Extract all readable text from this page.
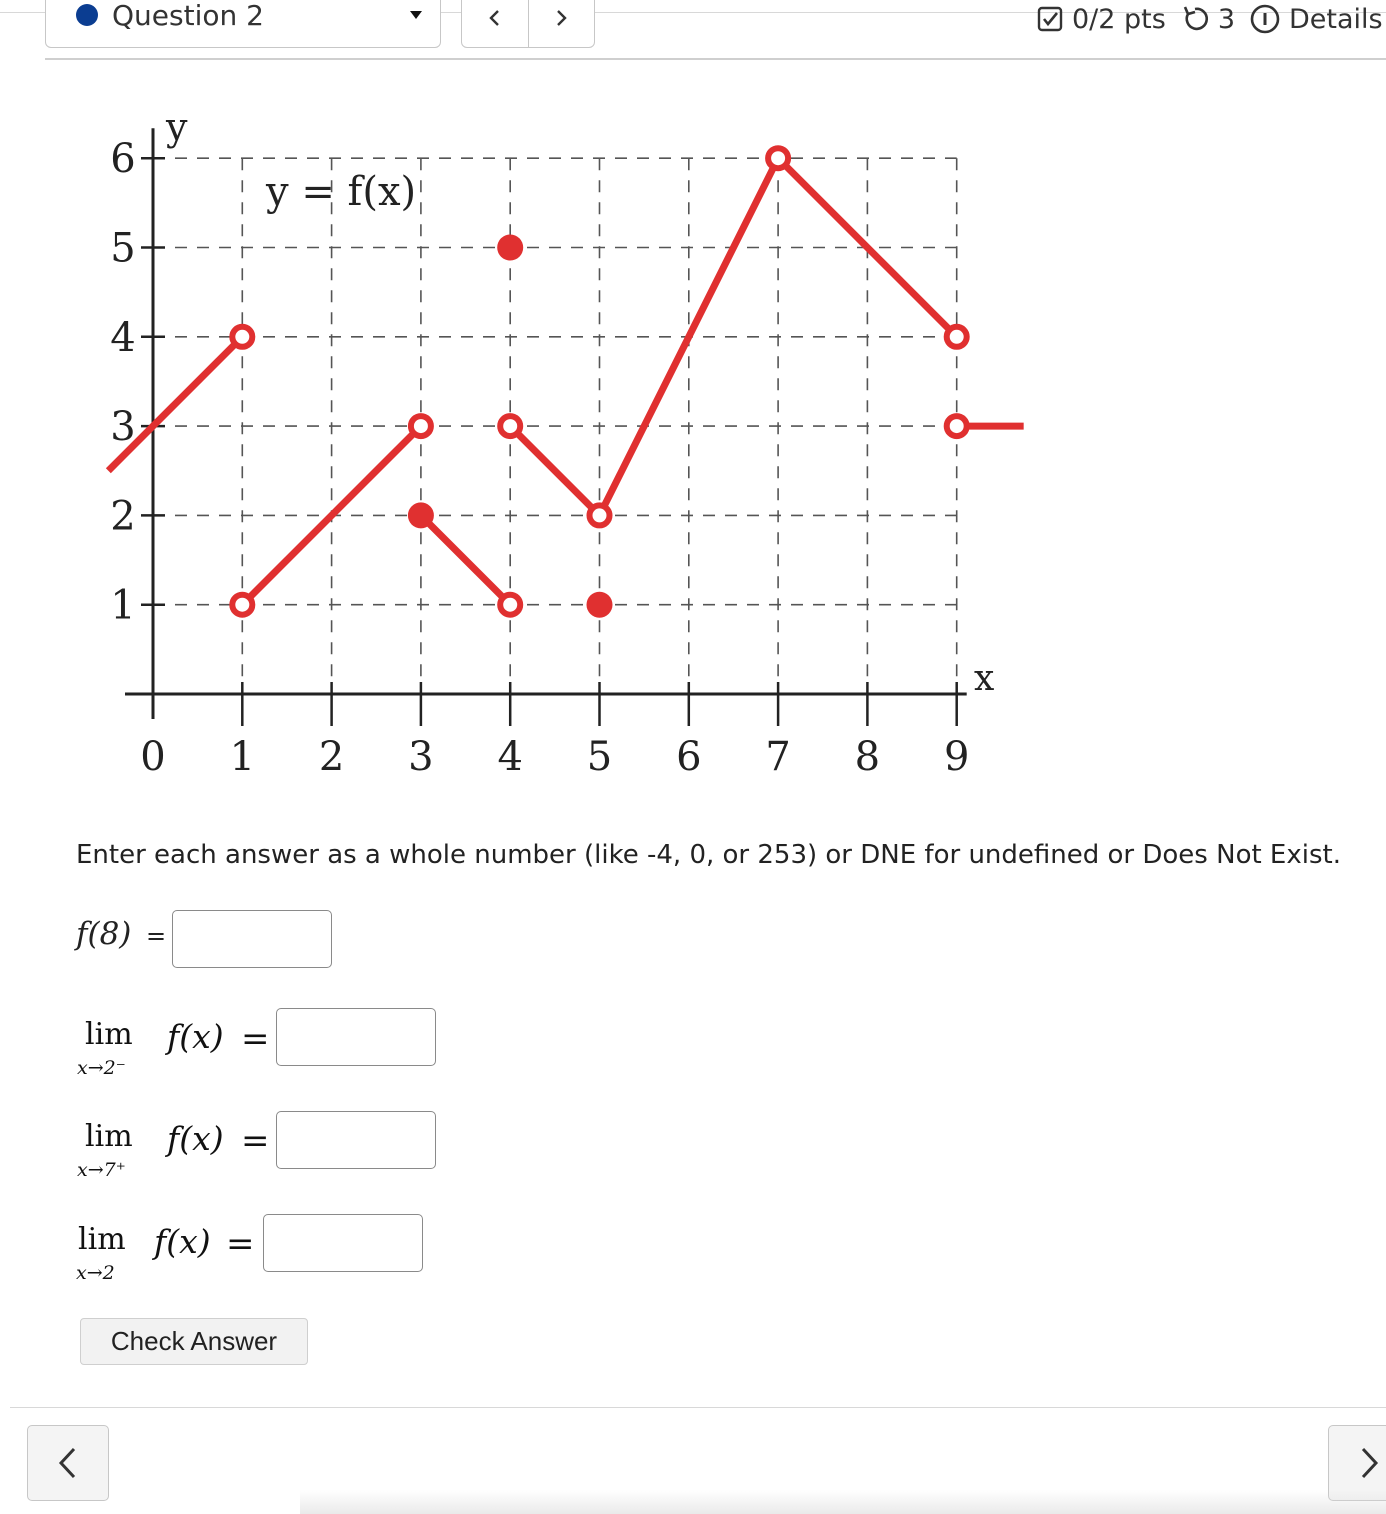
Question 2	0/2 pts 3 Details
0 1 2 3 4 5 6 7 8 9
1
2
3
4
5
6
y
x
y = f(x)
Enter each answer as a whole number (like -4, 0, or 253) or DNE for undefined or Does Not Exist.
f(8) =
lim
x→2⁻
f(x) =
lim
x→7⁺
f(x) =
lim
x→2
f(x) =
Check Answer
